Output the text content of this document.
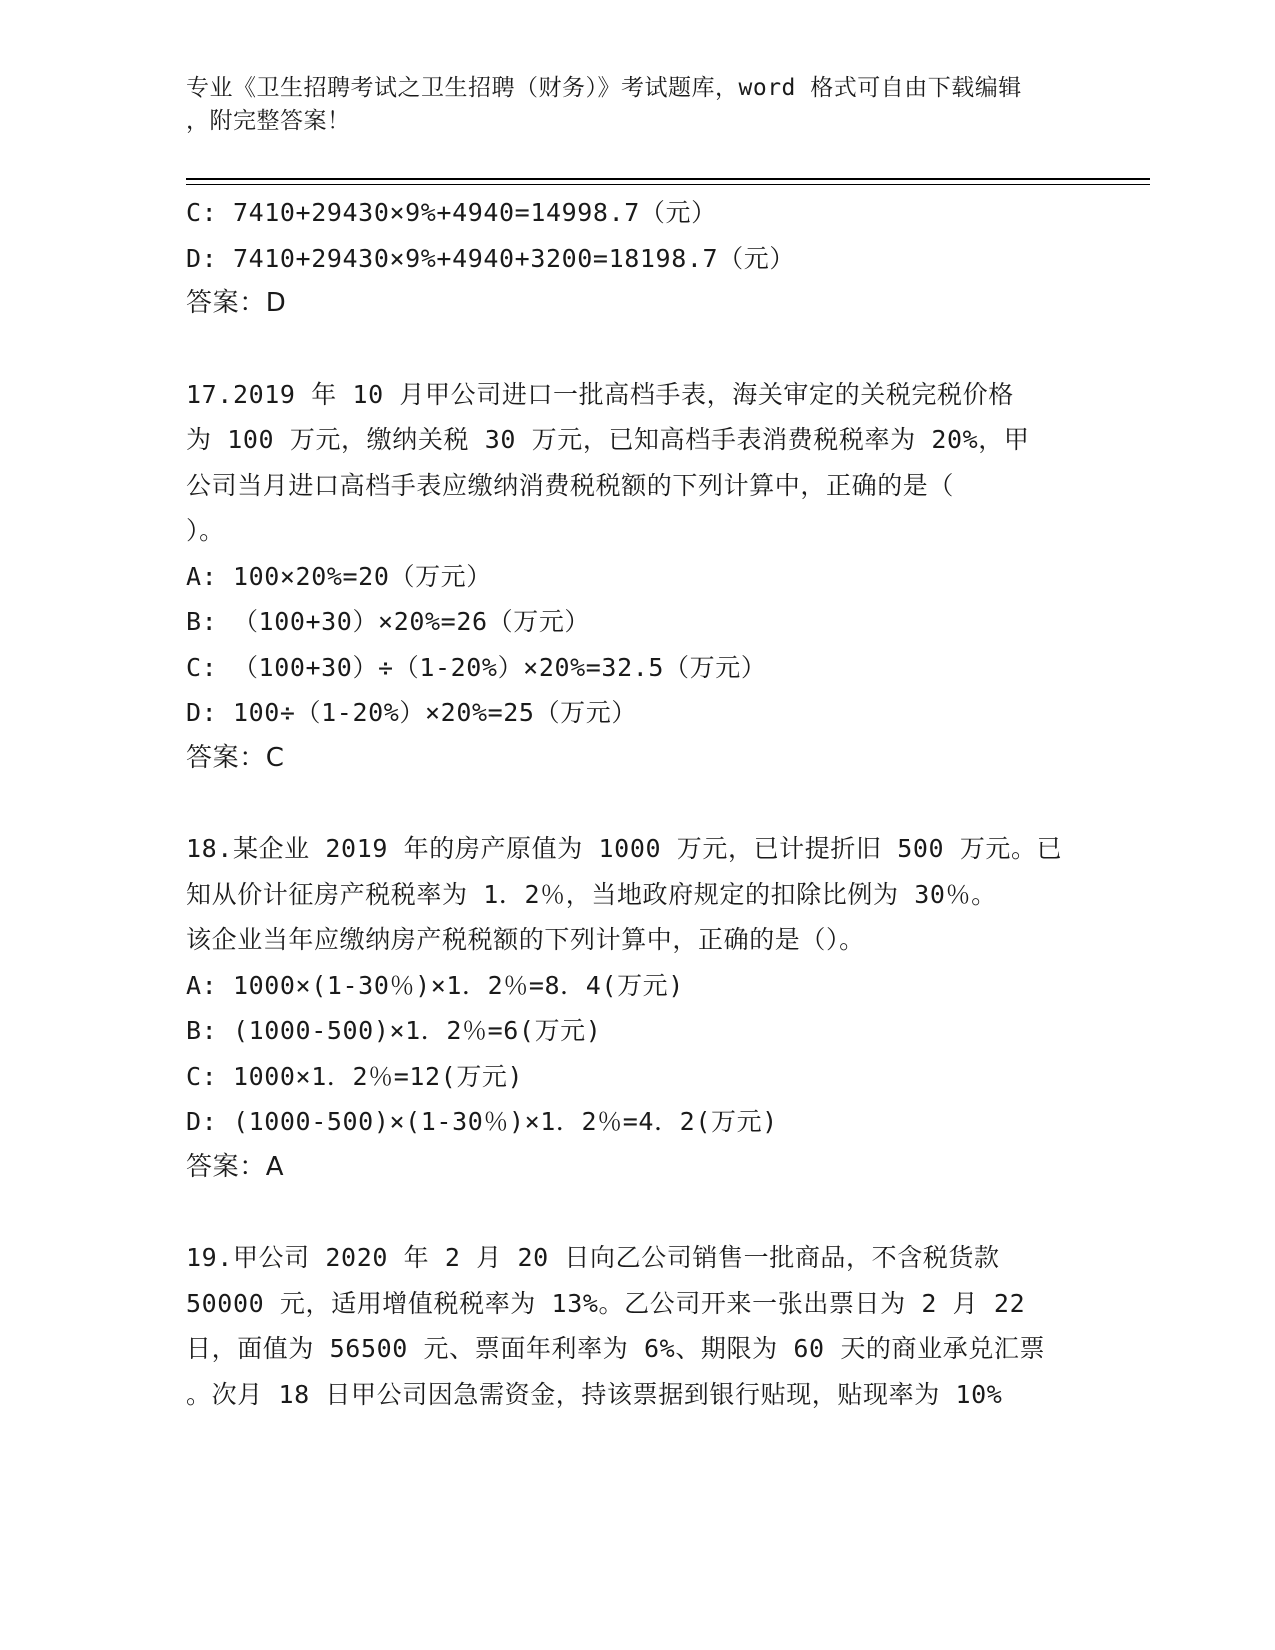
专业《卫生招聘考试之卫生招聘（财务）》考试题库，word 格式可自由下载编辑

，附完整答案！

C: 7410+29430×9%+4940=14998.7（元）

D: 7410+29430×9%+4940+3200=18198.7（元）

答案：D

17.2019 年 10 月甲公司进口一批高档手表，海关审定的关税完税价格

为 100 万元，缴纳关税 30 万元，已知高档手表消费税税率为 20%，甲

公司当月进口高档手表应缴纳消费税税额的下列计算中，正确的是（

）。

A: 100×20%=20（万元）

B: （100+30）×20%=26（万元）

C: （100+30）÷（1-20%）×20%=32.5（万元）

D: 100÷（1-20%）×20%=25（万元）

答案：C

18.某企业 2019 年的房产原值为 1000 万元，已计提折旧 500 万元。已

知从价计征房产税税率为 1．2％，当地政府规定的扣除比例为 30％。

该企业当年应缴纳房产税税额的下列计算中，正确的是（）。

A: 1000×(1-30％)×1．2％=8．4(万元)

B: (1000-500)×1．2％=6(万元)

C: 1000×1．2％=12(万元)

D: (1000-500)×(1-30％)×1．2％=4．2(万元)

答案：A

19.甲公司 2020 年 2 月 20 日向乙公司销售一批商品，不含税货款

50000 元，适用增值税税率为 13%。乙公司开来一张出票日为 2 月 22

日，面值为 56500 元、票面年利率为 6%、期限为 60 天的商业承兑汇票

。次月 18 日甲公司因急需资金，持该票据到银行贴现，贴现率为 10%
